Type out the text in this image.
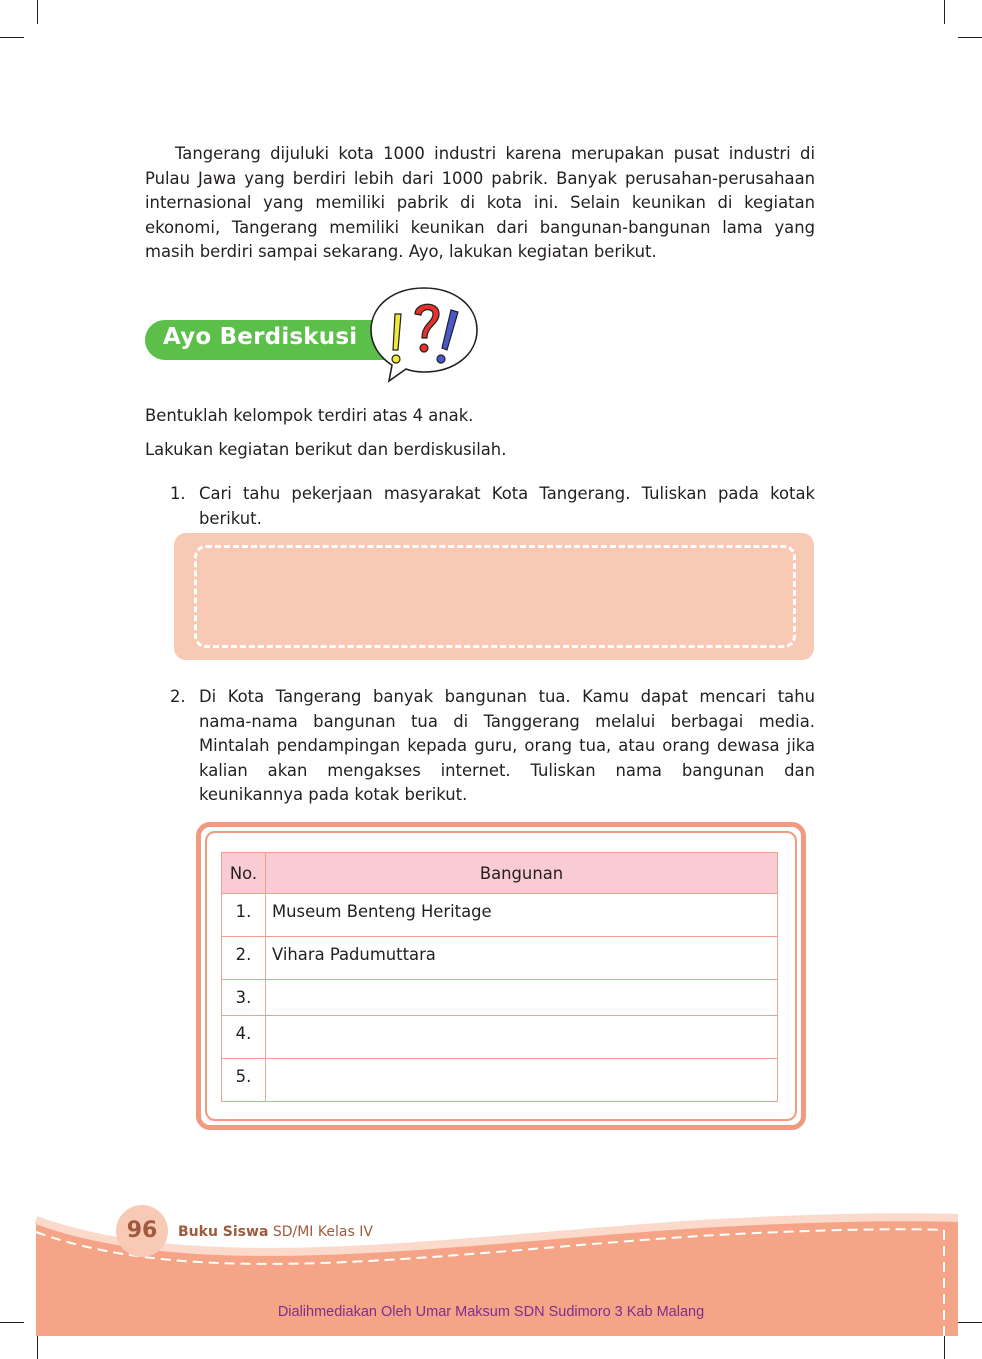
Tangerang dijuluki kota 1000 industri karena merupakan pusat industri di Pulau Jawa yang berdiri lebih dari 1000 pabrik. Banyak perusahan-perusahaan internasional yang memiliki pabrik di kota ini. Selain keunikan di kegiatan ekonomi, Tangerang memiliki keunikan dari bangunan-bangunan lama yang masih berdiri sampai sekarang. Ayo, lakukan kegiatan berikut.

Ayo Berdiskusi

Bentuklah kelompok terdiri atas 4 anak.

Lakukan kegiatan berikut dan berdiskusilah.

1. Cari tahu pekerjaan masyarakat Kota Tangerang. Tuliskan pada kotak berikut.

2. Di Kota Tangerang banyak bangunan tua. Kamu dapat mencari tahu nama-nama bangunan tua di Tanggerang melalui berbagai media. Mintalah pendampingan kepada guru, orang tua, atau orang dewasa jika kalian akan mengakses internet. Tuliskan nama bangunan dan keunikannya pada kotak berikut.

No.	Bangunan
1.	Museum Benteng Heritage
2.	Vihara Padumuttara
3.	
4.	
5.	
96	Buku Siswa SD/MI Kelas IV
Dialihmediakan Oleh Umar Maksum SDN Sudimoro 3 Kab Malang
